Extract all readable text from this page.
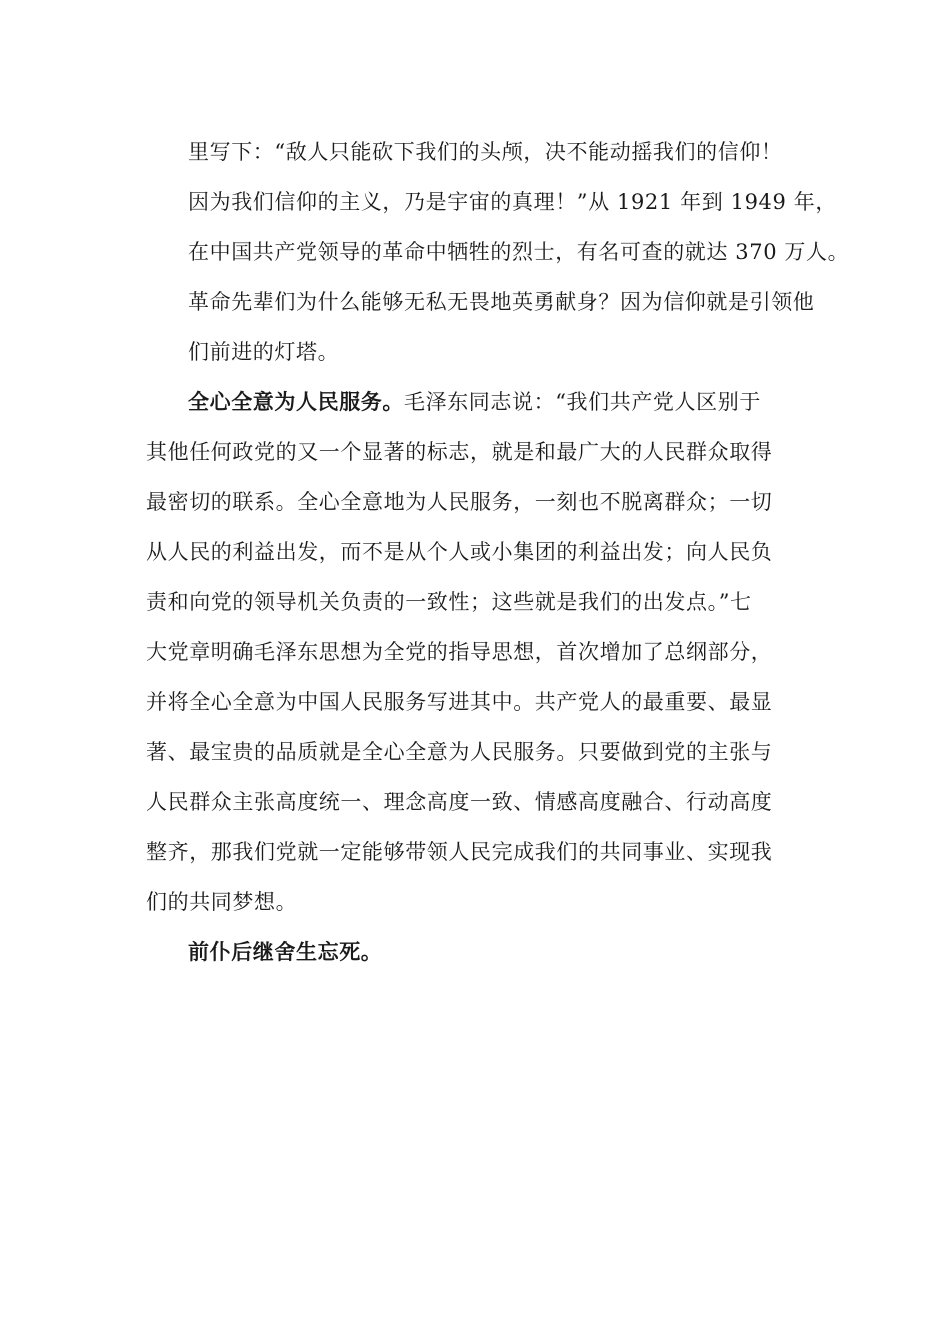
里写下：“敌人只能砍下我们的头颅，决不能动摇我们的信仰！
因为我们信仰的主义，乃是宇宙的真理！”从 1921 年到 1949 年，
在中国共产党领导的革命中牺牲的烈士，有名可查的就达 370 万人。
革命先辈们为什么能够无私无畏地英勇献身？因为信仰就是引领他
们前进的灯塔。

全心全意为人民服务。毛泽东同志说：“我们共产党人区别于
其他任何政党的又一个显著的标志，就是和最广大的人民群众取得
最密切的联系。全心全意地为人民服务，一刻也不脱离群众；一切
从人民的利益出发，而不是从个人或小集团的利益出发；向人民负
责和向党的领导机关负责的一致性；这些就是我们的出发点。”七
大党章明确毛泽东思想为全党的指导思想，首次增加了总纲部分，
并将全心全意为中国人民服务写进其中。共产党人的最重要、最显
著、最宝贵的品质就是全心全意为人民服务。只要做到党的主张与
人民群众主张高度统一、理念高度一致、情感高度融合、行动高度
整齐，那我们党就一定能够带领人民完成我们的共同事业、实现我
们的共同梦想。

前仆后继舍生忘死。
